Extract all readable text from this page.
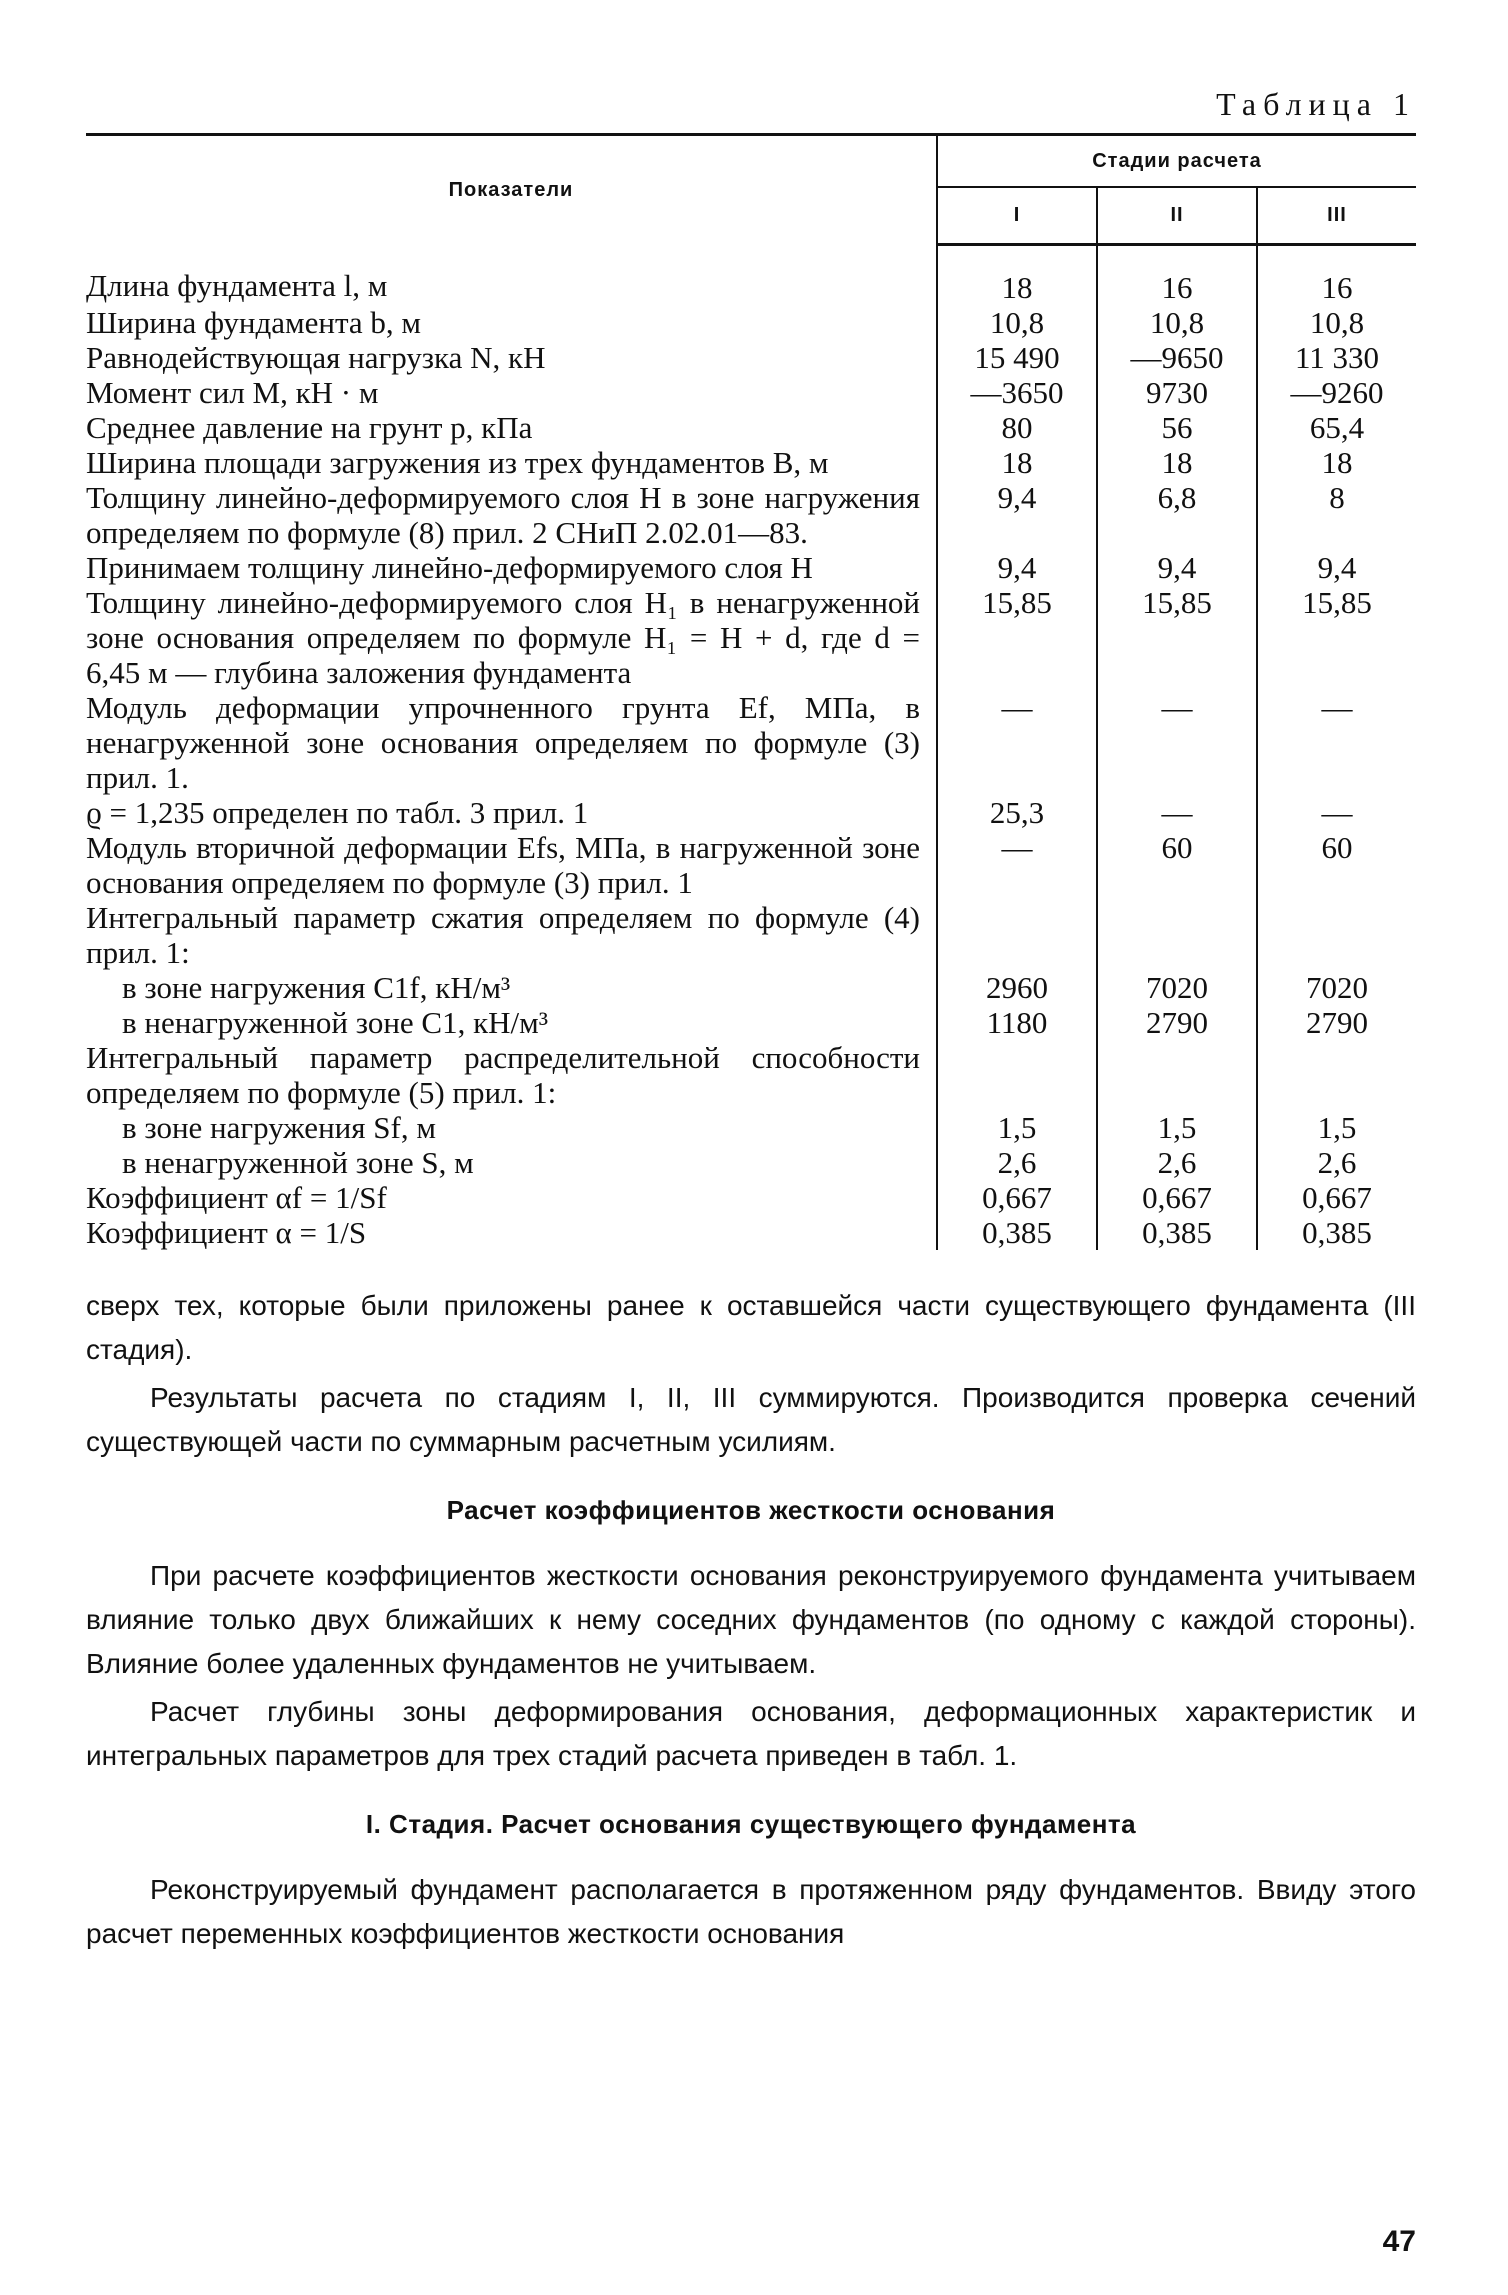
Таблица 1
Показатели	Стадии расчета		
	I	II	III
Длина фундамента l, м	18	16	16
Ширина фундамента b, м	10,8	10,8	10,8
Равнодействующая нагрузка N, кН	15 490	—9650	11 330
Момент сил M, кН · м	—3650	9730	—9260
Среднее давление на грунт p, кПа	80	56	65,4
Ширина площади загружения из трех фундаментов B, м	18	18	18
Толщину линейно-деформируемого слоя H в зоне нагружения определяем по формуле (8) прил. 2 СНиП 2.02.01—83.	9,4	6,8	8
Принимаем толщину линейно-деформируемого слоя H	9,4	9,4	9,4
Толщину линейно-деформируемого слоя H₁ в ненагруженной зоне основания определяем по формуле H₁ = H + d, где d = 6,45 м — глубина заложения фундамента	15,85	15,85	15,85
Модуль деформации упрочненного грунта Ef, МПа, в ненагруженной зоне основания определяем по формуле (3) прил. 1.	—	—	—
ϱ = 1,235 определен по табл. 3 прил. 1	25,3	—	—
Модуль вторичной деформации Efs, МПа, в нагруженной зоне основания определяем по формуле (3) прил. 1	—	60	60
Интегральный параметр сжатия определяем по формуле (4) прил. 1:			
в зоне нагружения C1f, кН/м³	2960	7020	7020
в ненагруженной зоне C1, кН/м³	1180	2790	2790
Интегральный параметр распределительной способности определяем по формуле (5) прил. 1:			
в зоне нагружения Sf, м	1,5	1,5	1,5
в ненагруженной зоне S, м	2,6	2,6	2,6
Коэффициент αf = 1/Sf	0,667	0,667	0,667
Коэффициент α = 1/S	0,385	0,385	0,385

сверх тех, которые были приложены ранее к оставшейся части существующего фундамента (III стадия).

Результаты расчета по стадиям I, II, III суммируются. Производится проверка сечений существующей части по суммарным расчетным усилиям.

Расчет коэффициентов жесткости основания

При расчете коэффициентов жесткости основания реконструируемого фундамента учитываем влияние только двух ближайших к нему соседних фундаментов (по одному с каждой стороны). Влияние более удаленных фундаментов не учитываем.

Расчет глубины зоны деформирования основания, деформационных характеристик и интегральных параметров для трех стадий расчета приведен в табл. 1.

I. Стадия. Расчет основания существующего фундамента

Реконструируемый фундамент располагается в протяженном ряду фундаментов. Ввиду этого расчет переменных коэффициентов жесткости основания

47
